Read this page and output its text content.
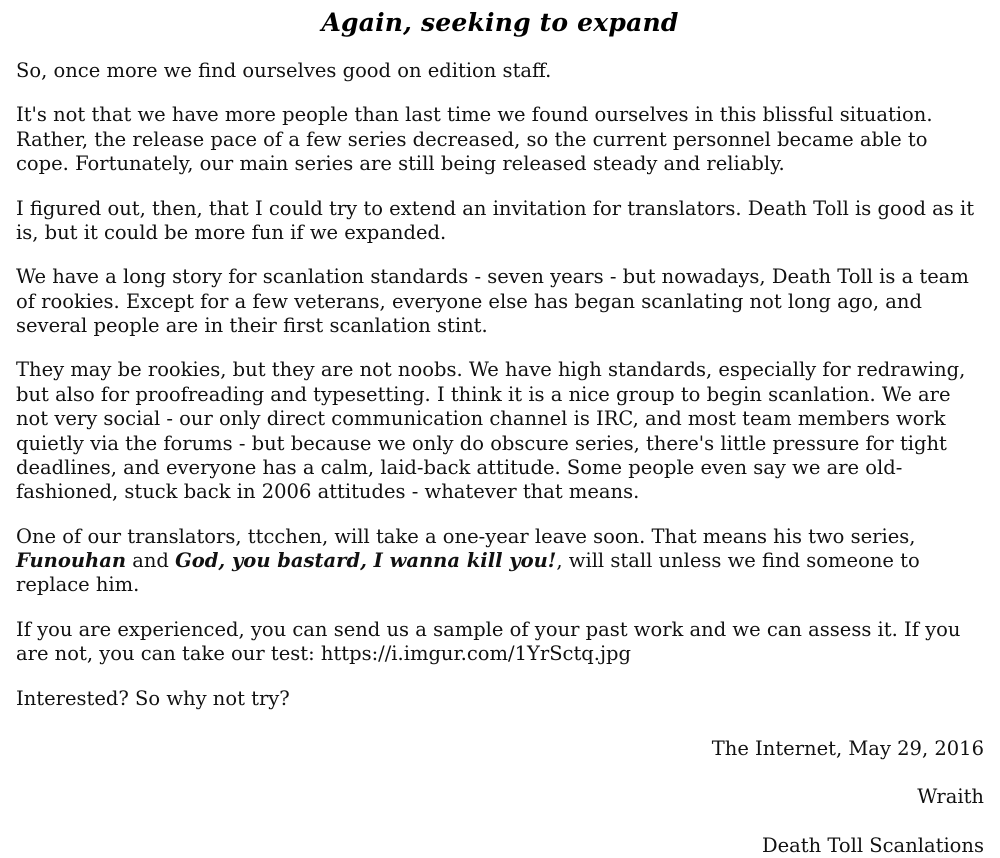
Again, seeking to expand

So, once more we find ourselves good on edition staff.

It's not that we have more people than last time we found ourselves in this blissful situation. Rather, the release pace of a few series decreased, so the current personnel became able to cope. Fortunately, our main series are still being released steady and reliably.

I figured out, then, that I could try to extend an invitation for translators. Death Toll is good as it is, but it could be more fun if we expanded.

We have a long story for scanlation standards - seven years - but nowadays, Death Toll is a team of rookies. Except for a few veterans, everyone else has began scanlating not long ago, and several people are in their first scanlation stint.

They may be rookies, but they are not noobs. We have high standards, especially for redrawing, but also for proofreading and typesetting. I think it is a nice group to begin scanlation. We are not very social - our only direct communication channel is IRC, and most team members work quietly via the forums - but because we only do obscure series, there's little pressure for tight deadlines, and everyone has a calm, laid-back attitude. Some people even say we are old-fashioned, stuck back in 2006 attitudes - whatever that means.

One of our translators, ttcchen, will take a one-year leave soon. That means his two series, Funouhan and God, you bastard, I wanna kill you!, will stall unless we find someone to replace him.

If you are experienced, you can send us a sample of your past work and we can assess it. If you are not, you can take our test: https://i.imgur.com/1YrSctq.jpg

Interested? So why not try?

The Internet, May 29, 2016
Wraith
Death Toll Scanlations
